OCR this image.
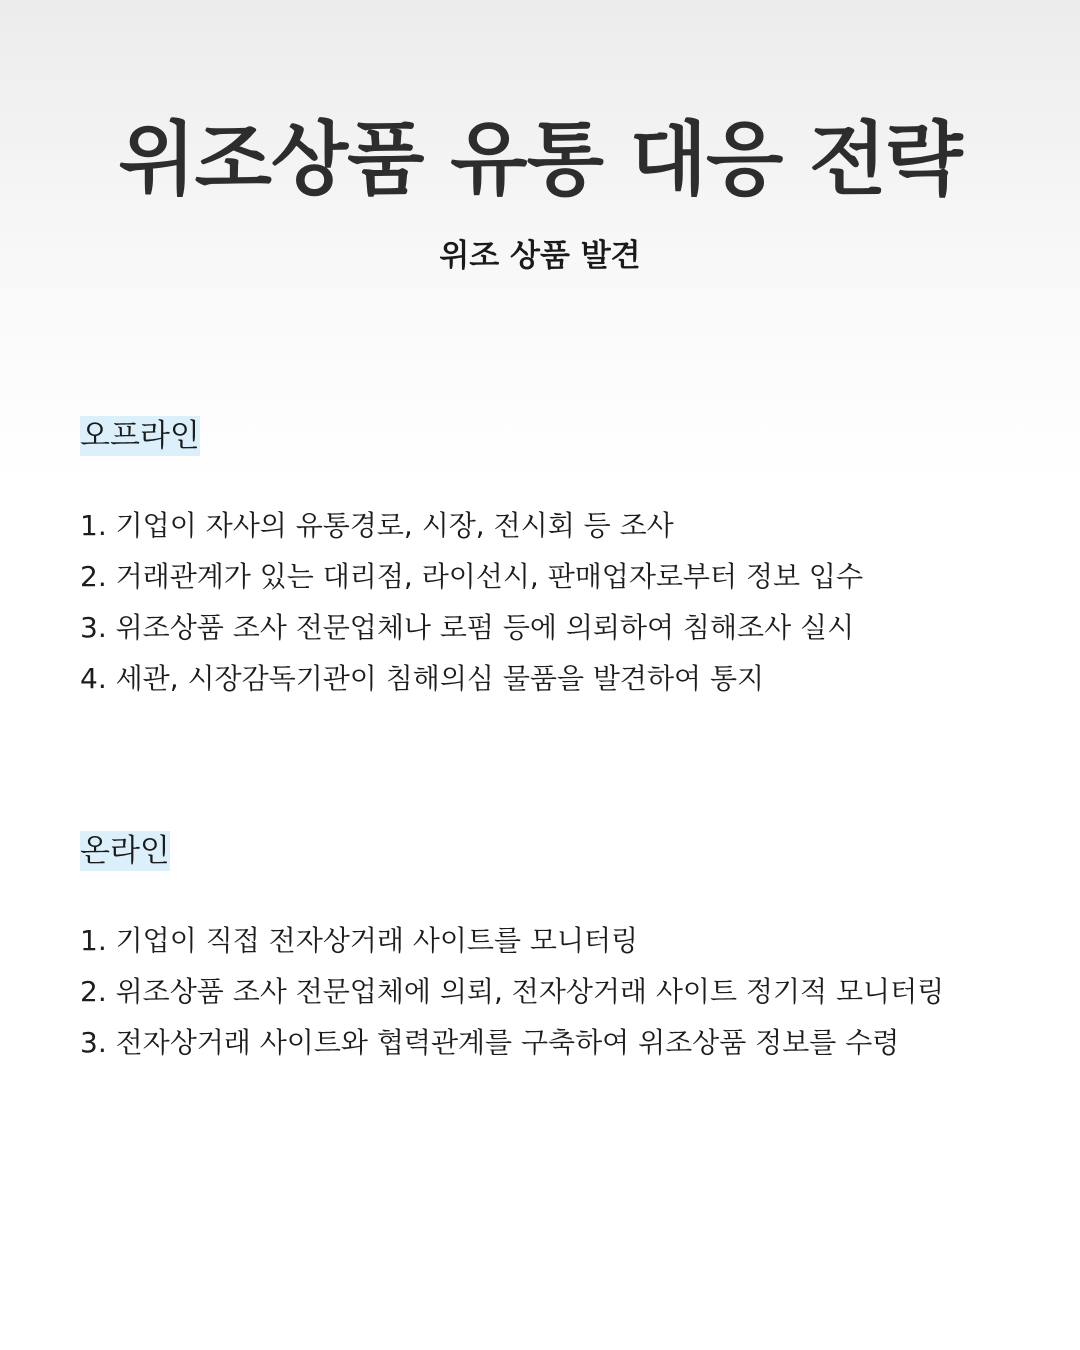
위조상품 유통 대응 전략
위조 상품 발견
오프라인
1. 기업이 자사의 유통경로, 시장, 전시회 등 조사
2. 거래관계가 있는 대리점, 라이선시, 판매업자로부터 정보 입수
3. 위조상품 조사 전문업체나 로펌 등에 의뢰하여 침해조사 실시
4. 세관, 시장감독기관이 침해의심 물품을 발견하여 통지
온라인
1. 기업이 직접 전자상거래 사이트를 모니터링
2. 위조상품 조사 전문업체에 의뢰, 전자상거래 사이트 정기적 모니터링
3. 전자상거래 사이트와 협력관계를 구축하여 위조상품 정보를 수령
